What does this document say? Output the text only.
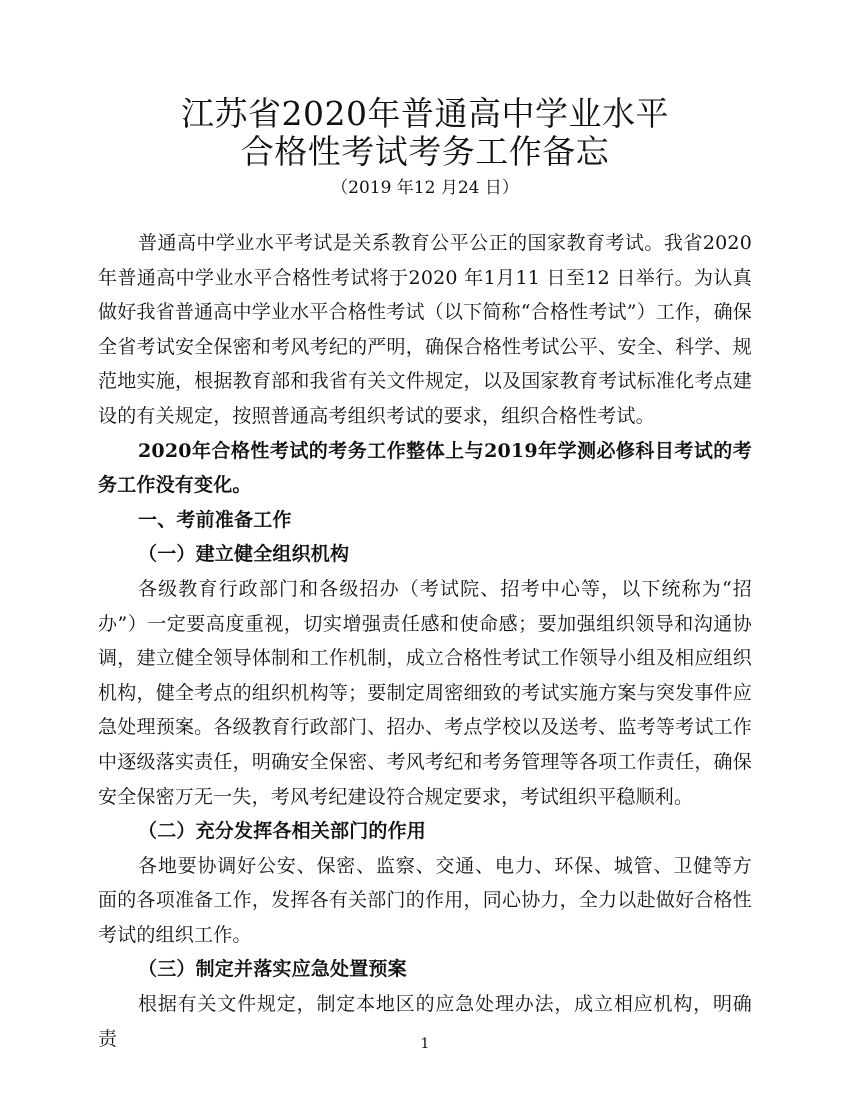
江苏省2020年普通高中学业水平
合格性考试考务工作备忘

（2019 年12 月24 日）

普通高中学业水平考试是关系教育公平公正的国家教育考试。我省2020年普通高中学业水平合格性考试将于2020 年1月11 日至12 日举行。为认真做好我省普通高中学业水平合格性考试（以下简称“合格性考试”）工作，确保全省考试安全保密和考风考纪的严明，确保合格性考试公平、安全、科学、规范地实施，根据教育部和我省有关文件规定，以及国家教育考试标准化考点建设的有关规定，按照普通高考组织考试的要求，组织合格性考试。

2020年合格性考试的考务工作整体上与2019年学测必修科目考试的考务工作没有变化。

一、考前准备工作

（一）建立健全组织机构

各级教育行政部门和各级招办（考试院、招考中心等，以下统称为“招办”）一定要高度重视，切实增强责任感和使命感；要加强组织领导和沟通协调，建立健全领导体制和工作机制，成立合格性考试工作领导小组及相应组织机构，健全考点的组织机构等；要制定周密细致的考试实施方案与突发事件应急处理预案。各级教育行政部门、招办、考点学校以及送考、监考等考试工作中逐级落实责任，明确安全保密、考风考纪和考务管理等各项工作责任，确保安全保密万无一失，考风考纪建设符合规定要求，考试组织平稳顺利。

（二）充分发挥各相关部门的作用

各地要协调好公安、保密、监察、交通、电力、环保、城管、卫健等方面的各项准备工作，发挥各有关部门的作用，同心协力，全力以赴做好合格性考试的组织工作。

（三）制定并落实应急处置预案

根据有关文件规定，制定本地区的应急处理办法，成立相应机构，明确责	1
